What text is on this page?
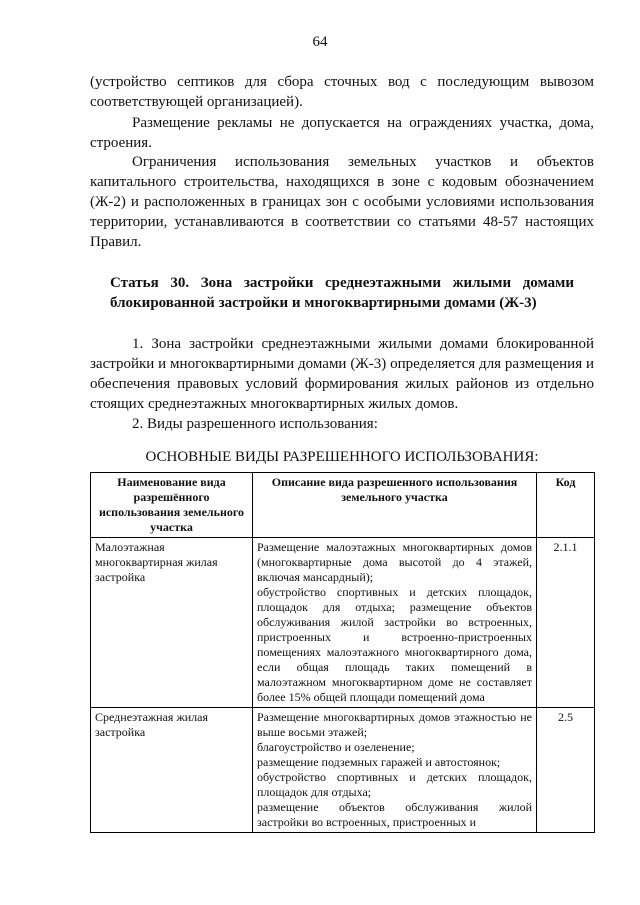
64

(устройство септиков для сбора сточных вод с последующим вывозом соответствующей организацией).

Размещение рекламы не допускается на ограждениях участка, дома, строения.

Ограничения использования земельных участков и объектов капитального строительства, находящихся в зоне с кодовым обозначением (Ж-2) и расположенных в границах зон с особыми условиями использования территории, устанавливаются в соответствии со статьями 48-57 настоящих Правил.

Статья 30. Зона застройки среднеэтажными жилыми домами блокированной застройки и многоквартирными домами (Ж-3)

1. Зона застройки среднеэтажными жилыми домами блокированной застройки и многоквартирными домами (Ж-3) определяется для размещения и обеспечения правовых условий формирования жилых районов из отдельно стоящих среднеэтажных многоквартирных жилых домов.

2. Виды разрешенного использования:

ОСНОВНЫЕ ВИДЫ РАЗРЕШЕННОГО ИСПОЛЬЗОВАНИЯ:
Наименование вида разрешённого использования земельного участка	Описание вида разрешенного использования земельного участка	Код
Малоэтажная многоквартирная жилая застройка	Размещение малоэтажных многоквартирных домов (многоквартирные дома высотой до 4 этажей, включая мансардный);
обустройство спортивных и детских площадок, площадок для отдыха; размещение объектов обслуживания жилой застройки во встроенных, пристроенных и встроенно-пристроенных помещениях малоэтажного многоквартирного дома, если общая площадь таких помещений в малоэтажном многоквартирном доме не составляет более 15% общей площади помещений дома	2.1.1
Среднеэтажная жилая застройка	Размещение многоквартирных домов этажностью не выше восьми этажей;
благоустройство и озеленение;
размещение подземных гаражей и автостоянок;
обустройство спортивных и детских площадок, площадок для отдыха;
размещение объектов обслуживания жилой застройки во встроенных, пристроенных и	2.5
